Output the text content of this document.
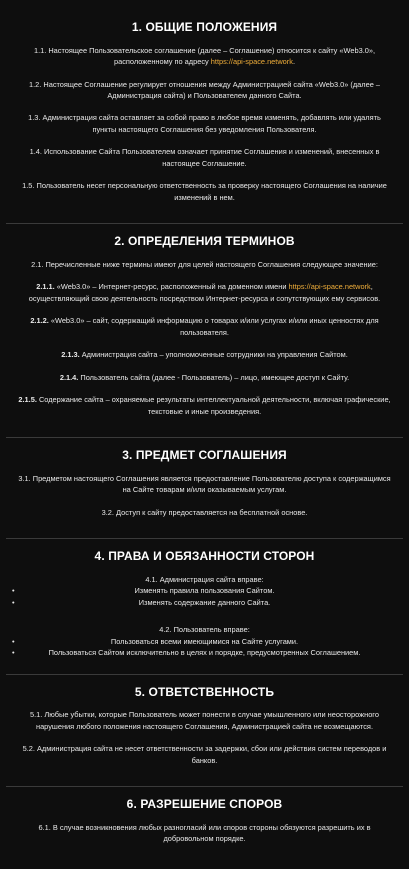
1. ОБЩИЕ ПОЛОЖЕНИЯ

1.1. Настоящее Пользовательское соглашение (далее – Соглашение) относится к сайту «Web3.0», расположенному по адресу https://api-space.network.

1.2. Настоящее Соглашение регулирует отношения между Администрацией сайта «Web3.0» (далее – Администрация сайта) и Пользователем данного Сайта.

1.3. Администрация сайта оставляет за собой право в любое время изменять, добавлять или удалять пункты настоящего Соглашения без уведомления Пользователя.

1.4. Использование Сайта Пользователем означает принятие Соглашения и изменений, внесенных в настоящее Соглашение.

1.5. Пользователь несет персональную ответственность за проверку настоящего Соглашения на наличие изменений в нем.

2. ОПРЕДЕЛЕНИЯ ТЕРМИНОВ

2.1. Перечисленные ниже термины имеют для целей настоящего Соглашения следующее значение:

2.1.1. «Web3.0» – Интернет-ресурс, расположенный на доменном имени https://api-space.network, осуществляющий свою деятельность посредством Интернет-ресурса и сопутствующих ему сервисов.

2.1.2. «Web3.0» – сайт, содержащий информацию о товарах и/или услугах и/или иных ценностях для пользователя.

2.1.3. Администрация сайта – уполномоченные сотрудники на управления Сайтом.

2.1.4. Пользователь сайта (далее - Пользователь) – лицо, имеющее доступ к Сайту.

2.1.5. Содержание сайта – охраняемые результаты интеллектуальной деятельности, включая графические, текстовые и иные произведения.

3. ПРЕДМЕТ СОГЛАШЕНИЯ

3.1. Предметом настоящего Соглашения является предоставление Пользователю доступа к содержащимся на Сайте товарам и/или оказываемым услугам.

3.2. Доступ к сайту предоставляется на бесплатной основе.

4. ПРАВА И ОБЯЗАННОСТИ СТОРОН

4.1. Администрация сайта вправе:

•	Изменять правила пользования Сайтом.
•	Изменять содержание данного Сайта.

4.2. Пользователь вправе:

•	Пользоваться всеми имеющимися на Сайте услугами.
•	Пользоваться Сайтом исключительно в целях и порядке, предусмотренных Соглашением.
5. ОТВЕТСТВЕННОСТЬ

5.1. Любые убытки, которые Пользователь может понести в случае умышленного или неосторожного нарушения любого положения настоящего Соглашения, Администрацией сайта не возмещаются.

5.2. Администрация сайта не несет ответственности за задержки, сбои или действия систем переводов и банков.

6. РАЗРЕШЕНИЕ СПОРОВ

6.1. В случае возникновения любых разногласий или споров стороны обязуются разрешить их в добровольном порядке.
